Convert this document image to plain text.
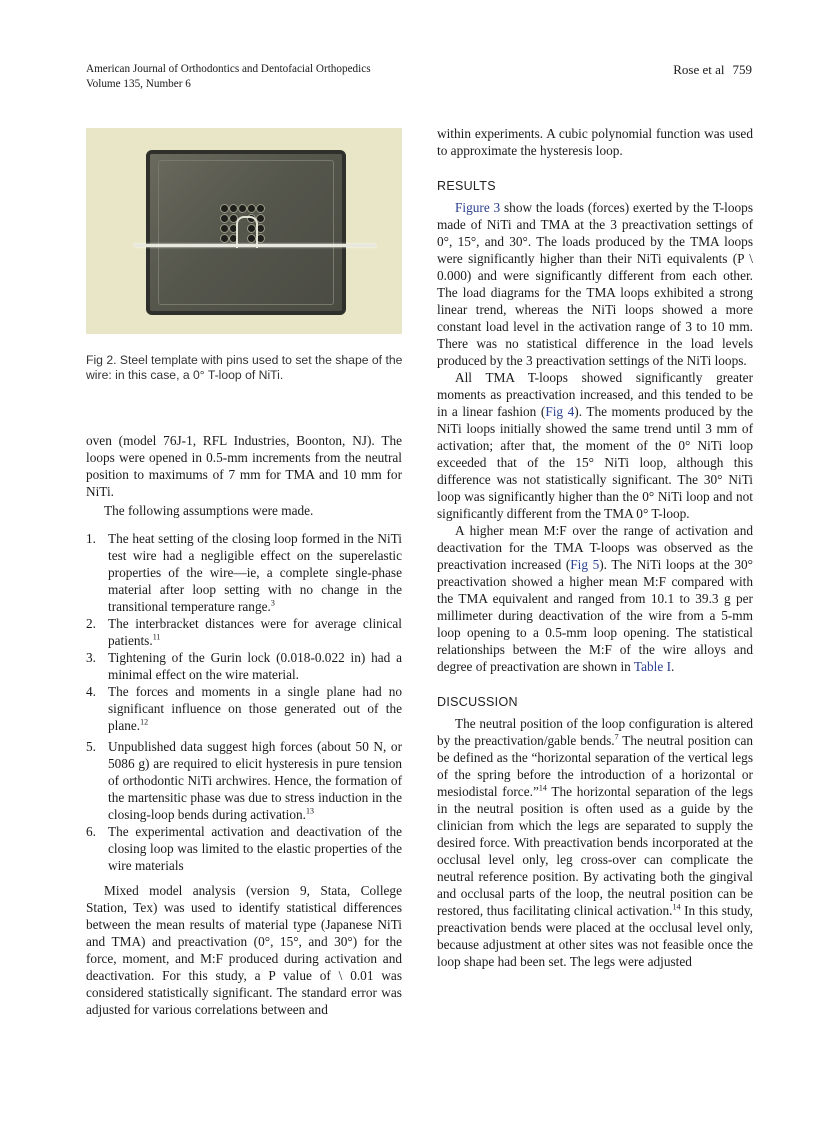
American Journal of Orthodontics and Dentofacial Orthopedics
Volume 135, Number 6
Rose et al 759
Fig 2. Steel template with pins used to set the shape of the wire: in this case, a 0° T-loop of NiTi.

oven (model 76J-1, RFL Industries, Boonton, NJ). The loops were opened in 0.5-mm increments from the neutral position to maximums of 7 mm for TMA and 10 mm for NiTi.

The following assumptions were made.

1. The heat setting of the closing loop formed in the NiTi test wire had a negligible effect on the superelastic properties of the wire—ie, a complete single-phase material after loop setting with no change in the transitional temperature range.$^3$
2. The interbracket distances were for average clinical patients.$^{11}$
3. Tightening of the Gurin lock (0.018-0.022 in) had a minimal effect on the wire material.
4. The forces and moments in a single plane had no significant influence on those generated out of the plane.$^{12}$
5. Unpublished data suggest high forces (about 50 N, or 5086 g) are required to elicit hysteresis in pure tension of orthodontic NiTi archwires. Hence, the formation of the martensitic phase was due to stress induction in the closing-loop bends during activation.$^{13}$
6. The experimental activation and deactivation of the closing loop was limited to the elastic properties of the wire materials

Mixed model analysis (version 9, Stata, College Station, Tex) was used to identify statistical differences between the mean results of material type (Japanese NiTi and TMA) and preactivation (0°, 15°, and 30°) for the force, moment, and M:F produced during activation and deactivation. For this study, a P value of \ 0.01 was considered statistically significant. The standard error was adjusted for various correlations between and

within experiments. A cubic polynomial function was used to approximate the hysteresis loop.

RESULTS

Figure 3 show the loads (forces) exerted by the T-loops made of NiTi and TMA at the 3 preactivation settings of 0°, 15°, and 30°. The loads produced by the TMA loops were significantly higher than their NiTi equivalents (P \ 0.000) and were significantly different from each other. The load diagrams for the TMA loops exhibited a strong linear trend, whereas the NiTi loops showed a more constant load level in the activation range of 3 to 10 mm. There was no statistical difference in the load levels produced by the 3 preactivation settings of the NiTi loops.

All TMA T-loops showed significantly greater moments as preactivation increased, and this tended to be in a linear fashion (Fig 4). The moments produced by the NiTi loops initially showed the same trend until 3 mm of activation; after that, the moment of the 0° NiTi loop exceeded that of the 15° NiTi loop, although this difference was not statistically significant. The 30° NiTi loop was significantly higher than the 0° NiTi loop and not significantly different from the TMA 0° T-loop.

A higher mean M:F over the range of activation and deactivation for the TMA T-loops was observed as the preactivation increased (Fig 5). The NiTi loops at the 30° preactivation showed a higher mean M:F compared with the TMA equivalent and ranged from 10.1 to 39.3 g per millimeter during deactivation of the wire from a 5-mm loop opening to a 0.5-mm loop opening. The statistical relationships between the M:F of the wire alloys and degree of preactivation are shown in Table I.

DISCUSSION

The neutral position of the loop configuration is altered by the preactivation/gable bends.$^7$ The neutral position can be defined as the “horizontal separation of the vertical legs of the spring before the introduction of a horizontal or mesiodistal force.”$^{14}$ The horizontal separation of the legs in the neutral position is often used as a guide by the clinician from which the legs are separated to supply the desired force. With preactivation bends incorporated at the occlusal level only, leg cross-over can complicate the neutral reference position. By activating both the gingival and occlusal parts of the loop, the neutral position can be restored, thus facilitating clinical activation.$^{14}$ In this study, preactivation bends were placed at the occlusal level only, because adjustment at other sites was not feasible once the loop shape had been set. The legs were adjusted
